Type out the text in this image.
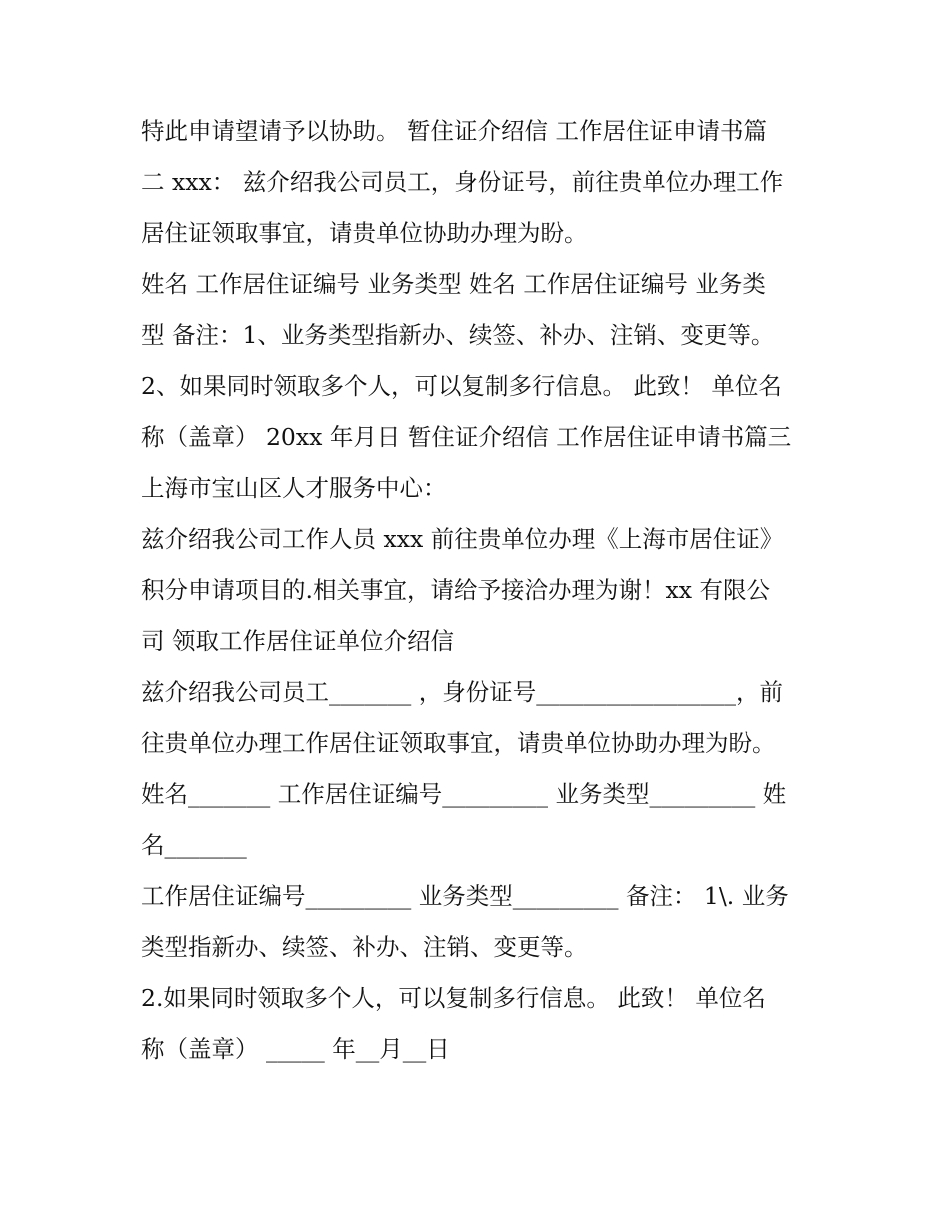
特此申请望请予以协助。 暂住证介绍信 工作居住证申请书篇
二 xxx： 兹介绍我公司员工，身份证号，前往贵单位办理工作
居住证领取事宜，请贵单位协助办理为盼。
姓名 工作居住证编号 业务类型 姓名 工作居住证编号 业务类
型 备注：1、业务类型指新办、续签、补办、注销、变更等。
2、如果同时领取多个人，可以复制多行信息。 此致！ 单位名
称（盖章） 20xx 年月日 暂住证介绍信 工作居住证申请书篇三
上海市宝山区人才服务中心：
兹介绍我公司工作人员 xxx 前往贵单位办理《上海市居住证》
积分申请项目的.相关事宜，请给予接洽办理为谢！xx 有限公
司 领取工作居住证单位介绍信
兹介绍我公司员工_______ ，身份证号_________________，前
往贵单位办理工作居住证领取事宜，请贵单位协助办理为盼。
姓名_______ 工作居住证编号_________ 业务类型_________ 姓
名_______
工作居住证编号_________ 业务类型_________ 备注： 1\. 业务
类型指新办、续签、补办、注销、变更等。
2.如果同时领取多个人，可以复制多行信息。 此致！ 单位名
称（盖章） _____ 年__月__日
